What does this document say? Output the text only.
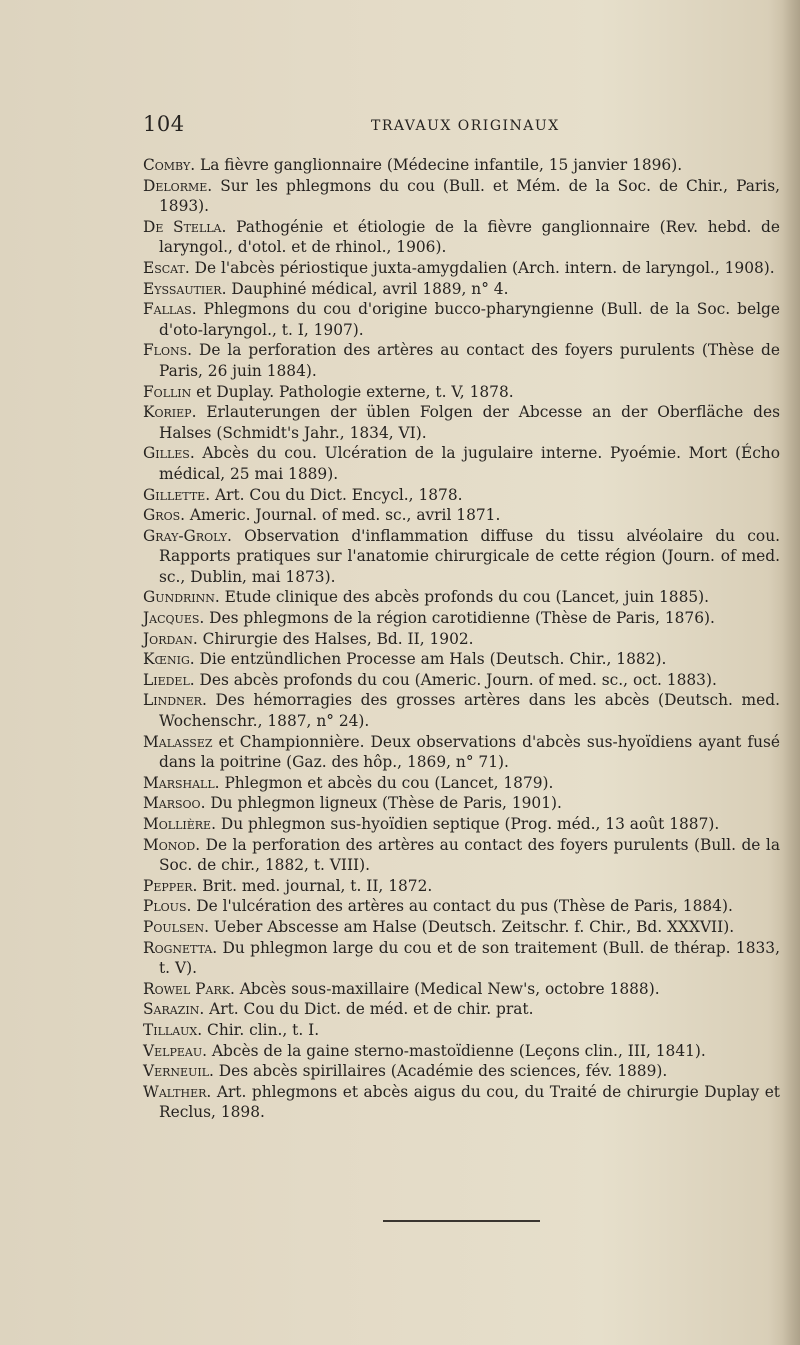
104	TRAVAUX ORIGINAUX
Comby. La fièvre ganglionnaire (Médecine infantile, 15 janvier 1896).
Delorme. Sur les phlegmons du cou (Bull. et Mém. de la Soc. de Chir., Paris, 1893).
De Stella. Pathogénie et étiologie de la fièvre ganglionnaire (Rev. hebd. de laryngol., d'otol. et de rhinol., 1906).
Escat. De l'abcès périostique juxta-amygdalien (Arch. intern. de laryngol., 1908).
Eyssautier. Dauphiné médical, avril 1889, n° 4.
Fallas. Phlegmons du cou d'origine bucco-pharyngienne (Bull. de la Soc. belge d'oto-laryngol., t. I, 1907).
Flons. De la perforation des artères au contact des foyers purulents (Thèse de Paris, 26 juin 1884).
Follin et Duplay. Pathologie externe, t. V, 1878.
Koriep. Erlauterungen der üblen Folgen der Abcesse an der Oberfläche des Halses (Schmidt's Jahr., 1834, VI).
Gilles. Abcès du cou. Ulcération de la jugulaire interne. Pyoémie. Mort (Écho médical, 25 mai 1889).
Gillette. Art. Cou du Dict. Encycl., 1878.
Gros. Americ. Journal. of med. sc., avril 1871.
Gray-Groly. Observation d'inflammation diffuse du tissu alvéolaire du cou. Rapports pratiques sur l'anatomie chirurgicale de cette région (Journ. of med. sc., Dublin, mai 1873).
Gundrinn. Etude clinique des abcès profonds du cou (Lancet, juin 1885).
Jacques. Des phlegmons de la région carotidienne (Thèse de Paris, 1876).
Jordan. Chirurgie des Halses, Bd. II, 1902.
Kœnig. Die entzündlichen Processe am Hals (Deutsch. Chir., 1882).
Liedel. Des abcès profonds du cou (Americ. Journ. of med. sc., oct. 1883).
Lindner. Des hémorragies des grosses artères dans les abcès (Deutsch. med. Wochenschr., 1887, n° 24).
Malassez et Championnière. Deux observations d'abcès sus-hyoïdiens ayant fusé dans la poitrine (Gaz. des hôp., 1869, n° 71).
Marshall. Phlegmon et abcès du cou (Lancet, 1879).
Marsoo. Du phlegmon ligneux (Thèse de Paris, 1901).
Mollière. Du phlegmon sus-hyoïdien septique (Prog. méd., 13 août 1887).
Monod. De la perforation des artères au contact des foyers purulents (Bull. de la Soc. de chir., 1882, t. VIII).
Pepper. Brit. med. journal, t. II, 1872.
Plous. De l'ulcération des artères au contact du pus (Thèse de Paris, 1884).
Poulsen. Ueber Abscesse am Halse (Deutsch. Zeitschr. f. Chir., Bd. XXXVII).
Rognetta. Du phlegmon large du cou et de son traitement (Bull. de thérap. 1833, t. V).
Rowel Park. Abcès sous-maxillaire (Medical New's, octobre 1888).
Sarazin. Art. Cou du Dict. de méd. et de chir. prat.
Tillaux. Chir. clin., t. I.
Velpeau. Abcès de la gaine sterno-mastoïdienne (Leçons clin., III, 1841).
Verneuil. Des abcès spirillaires (Académie des sciences, fév. 1889).
Walther. Art. phlegmons et abcès aigus du cou, du Traité de chirurgie Duplay et Reclus, 1898.
